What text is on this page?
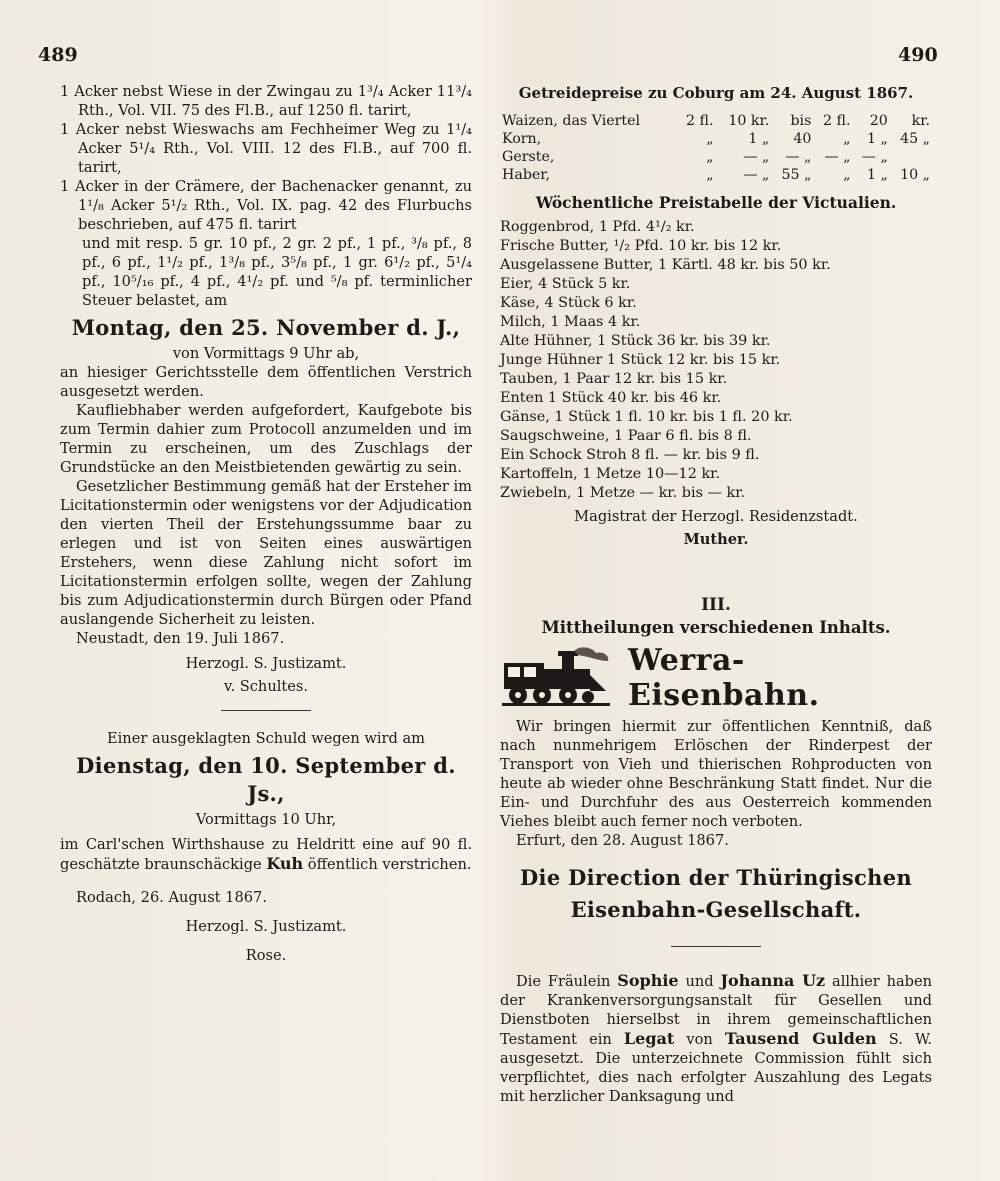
489	490

1 Acker nebst Wiese in der Zwingau zu 1³/₄ Acker 11³/₄ Rth., Vol. VII. 75 des Fl.B., auf 1250 fl. tarirt,

1 Acker nebst Wieswachs am Fechheimer Weg zu 1¹/₄ Acker 5¹/₄ Rth., Vol. VIII. 12 des Fl.B., auf 700 fl. tarirt,

1 Acker in der Crämere, der Bachenacker genannt, zu 1¹/₈ Acker 5¹/₂ Rth., Vol. IX. pag. 42 des Flurbuchs beschrieben, auf 475 fl. tarirt

und mit resp. 5 gr. 10 pf., 2 gr. 2 pf., 1 pf., ³/₈ pf., 8 pf., 6 pf., 1¹/₂ pf., 1³/₈ pf., 3⁵/₈ pf., 1 gr. 6¹/₂ pf., 5¹/₄ pf., 10⁵/₁₆ pf., 4 pf., 4¹/₂ pf. und ⁵/₈ pf. terminlicher Steuer belastet, am

Montag, den 25. November d. J.,

von Vormittags 9 Uhr ab,

an hiesiger Gerichtsstelle dem öffentlichen Verstrich ausgesetzt werden.

Kaufliebhaber werden aufgefordert, Kaufgebote bis zum Termin dahier zum Protocoll anzumelden und im Termin zu erscheinen, um des Zuschlags der Grundstücke an den Meistbietenden gewärtig zu sein.

Gesetzlicher Bestimmung gemäß hat der Ersteher im Licitationstermin oder wenigstens vor der Adjudication den vierten Theil der Erstehungssumme baar zu erlegen und ist von Seiten eines auswärtigen Erstehers, wenn diese Zahlung nicht sofort im Licitationstermin erfolgen sollte, wegen der Zahlung bis zum Adjudicationstermin durch Bürgen oder Pfand auslangende Sicherheit zu leisten.

Neustadt, den 19. Juli 1867.

Herzogl. S. Justizamt.

v. Schultes.

Einer ausgeklagten Schuld wegen wird am

Dienstag, den 10. September d. Js.,

Vormittags 10 Uhr,

im Carl'schen Wirthshause zu Heldritt eine auf 90 fl. geschätzte braunschäckige Kuh öffentlich verstrichen.

Rodach, 26. August 1867.

Herzogl. S. Justizamt.

Rose.

Getreidepreise zu Coburg am 24. August 1867.
Waizen, das Viertel	2 fl.	10 kr.	bis	2 fl.	20	kr.
Korn,	„	1 „	40	„	1 „	45 „
Gerste,	„	— „	— „	— „	— „	
Haber,	„	— „	55 „	„	1 „	10 „
Wöchentliche Preistabelle der Victualien.

Roggenbrod, 1 Pfd. 4¹/₂ kr.

Frische Butter, ¹/₂ Pfd. 10 kr. bis 12 kr.

Ausgelassene Butter, 1 Kärtl. 48 kr. bis 50 kr.

Eier, 4 Stück 5 kr.

Käse, 4 Stück 6 kr.

Milch, 1 Maas 4 kr.

Alte Hühner, 1 Stück 36 kr. bis 39 kr.

Junge Hühner 1 Stück 12 kr. bis 15 kr.

Tauben, 1 Paar 12 kr. bis 15 kr.

Enten 1 Stück 40 kr. bis 46 kr.

Gänse, 1 Stück 1 fl. 10 kr. bis 1 fl. 20 kr.

Saugschweine, 1 Paar 6 fl. bis 8 fl.

Ein Schock Stroh 8 fl. — kr. bis 9 fl.

Kartoffeln, 1 Metze 10—12 kr.

Zwiebeln, 1 Metze — kr. bis — kr.

Magistrat der Herzogl. Residenzstadt.

Muther.

III.
Mittheilungen verschiedenen Inhalts.
Werra-Eisenbahn.

Wir bringen hiermit zur öffentlichen Kenntniß, daß nach nunmehrigem Erlöschen der Rinderpest der Transport von Vieh und thierischen Rohproducten von heute ab wieder ohne Beschränkung Statt findet. Nur die Ein- und Durchfuhr des aus Oesterreich kommenden Viehes bleibt auch ferner noch verboten.

Erfurt, den 28. August 1867.

Die Direction der Thüringischen
Eisenbahn-Gesellschaft.

Die Fräulein Sophie und Johanna Uz allhier haben der Krankenversorgungsanstalt für Gesellen und Dienstboten hierselbst in ihrem gemeinschaftlichen Testament ein Legat von Tausend Gulden S. W. ausgesetzt. Die unterzeichnete Commission fühlt sich verpflichtet, dies nach erfolgter Auszahlung des Legats mit herzlicher Danksagung und
